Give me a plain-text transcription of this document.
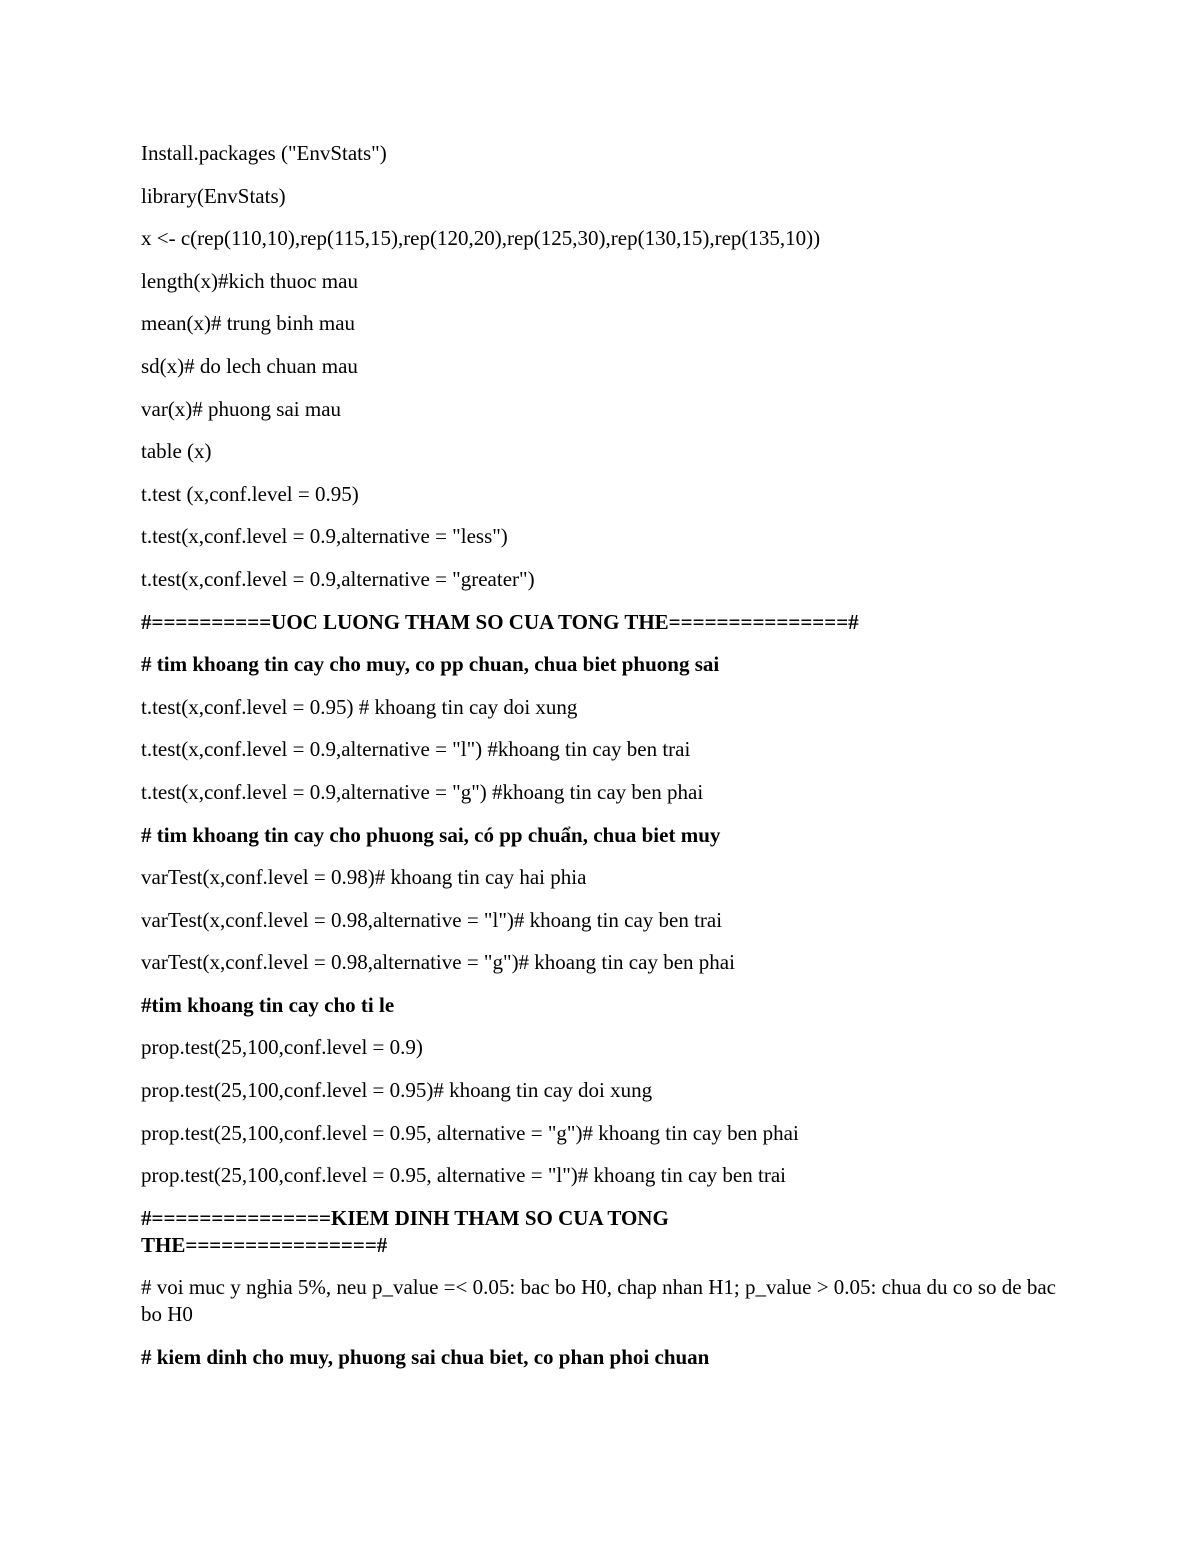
Install.packages ("EnvStats")

library(EnvStats)

x <- c(rep(110,10),rep(115,15),rep(120,20),rep(125,30),rep(130,15),rep(135,10))

length(x)#kich thuoc mau

mean(x)# trung binh mau

sd(x)# do lech chuan mau

var(x)# phuong sai mau

table (x)

t.test (x,conf.level = 0.95)

t.test(x,conf.level = 0.9,alternative = "less")

t.test(x,conf.level = 0.9,alternative = "greater")

#==========UOC LUONG THAM SO CUA TONG THE===============#

# tim khoang tin cay cho muy, co pp chuan, chua biet phuong sai

t.test(x,conf.level = 0.95) # khoang tin cay doi xung

t.test(x,conf.level = 0.9,alternative = "l") #khoang tin cay ben trai

t.test(x,conf.level = 0.9,alternative = "g") #khoang tin cay ben phai

# tim khoang tin cay cho phuong sai, có pp chuẩn, chua biet muy

varTest(x,conf.level = 0.98)# khoang tin cay hai phia

varTest(x,conf.level = 0.98,alternative = "l")# khoang tin cay ben trai

varTest(x,conf.level = 0.98,alternative = "g")# khoang tin cay ben phai

#tim khoang tin cay cho ti le

prop.test(25,100,conf.level = 0.9)

prop.test(25,100,conf.level = 0.95)# khoang tin cay doi xung

prop.test(25,100,conf.level = 0.95, alternative = "g")# khoang tin cay ben phai

prop.test(25,100,conf.level = 0.95, alternative = "l")# khoang tin cay ben trai

#===============KIEM DINH THAM SO CUA TONG THE================#

# voi muc y nghia 5%, neu p_value =< 0.05: bac bo H0, chap nhan H1; p_value > 0.05: chua du co so de bac bo H0

# kiem dinh cho muy, phuong sai chua biet, co phan phoi chuan
